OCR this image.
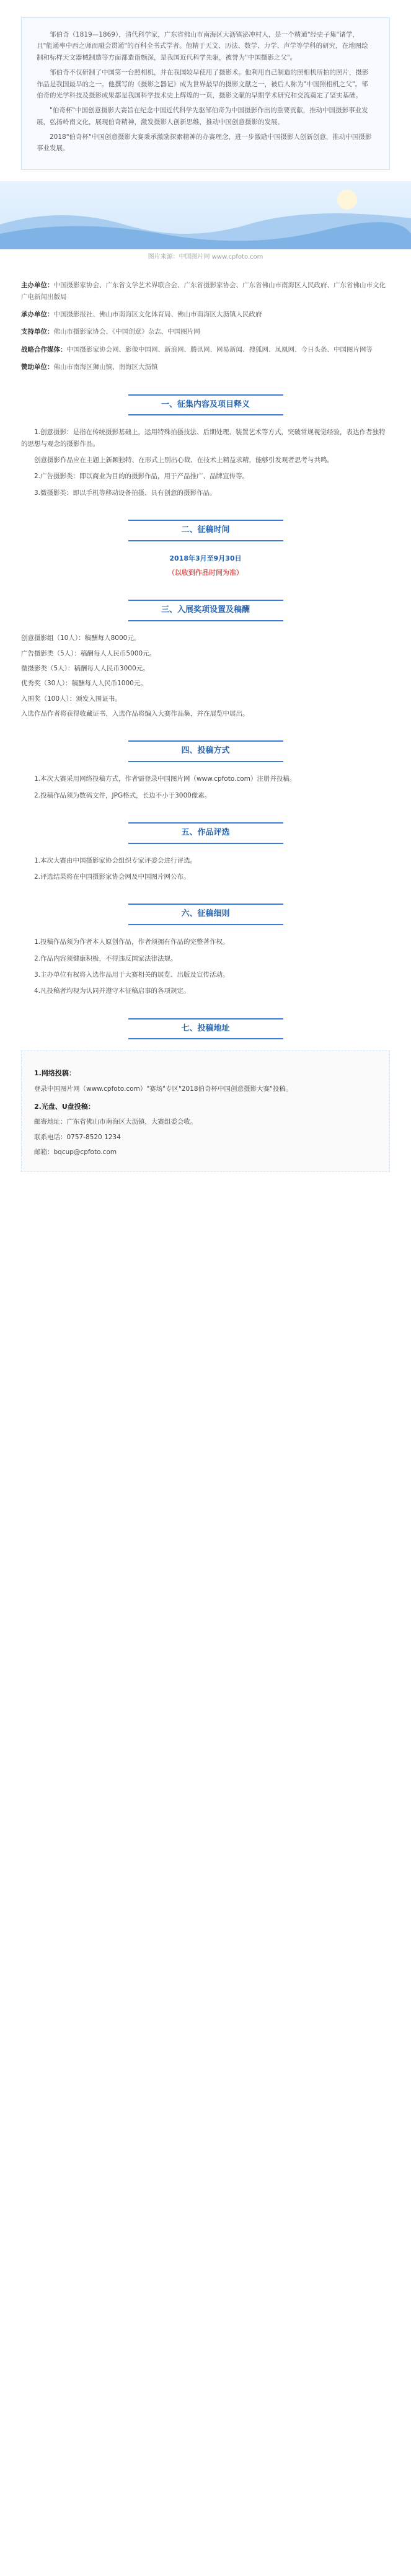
邹伯奇（1819—1869），清代科学家，广东省佛山市南海区大沥镇泌冲村人，是一个精通"经史子集"诸学，且"能通率中西之师而融会贯通"的百科全书式学者。他精于天文、历法、数学、力学、声学等学科的研究，在地图绘制和标样天文器械制造等方面都造诣颇深，是我国近代科学先驱，被誉为"中国摄影之父"。

邹伯奇不仅研制了中国第一台照相机，并在我国较早使用了摄影术。他利用自己制造的照相机所拍的照片，摄影作品是我国最早的之一。他撰写的《摄影之器记》成为世界最早的摄影文献之一，被后人称为"中国照相机之父"。邹伯奇的光学科技及摄影成果都是我国科学技术史上辉煌的一页，摄影文献的早期学术研究和交流奠定了坚实基础。

"伯奇杯"中国创意摄影大赛旨在纪念中国近代科学先驱邹伯奇为中国摄影作出的重要贡献，推动中国摄影事业发展，弘扬岭南文化，展现伯奇精神，激发摄影人创新思维，推动中国创意摄影的发展。

2018"伯奇杯"中国创意摄影大赛秉承激励探索精神的办赛理念，进一步激励中国摄影人创新创意，推动中国摄影事业发展。

图片来源：中国图片网 www.cpfoto.com

主办单位：中国摄影家协会、广东省文学艺术界联合会、广东省摄影家协会、广东省佛山市南海区人民政府、广东省佛山市文化广电新闻出版局

承办单位：中国摄影报社、佛山市南海区文化体育局、佛山市南海区大沥镇人民政府

支持单位：佛山市摄影家协会、《中国创意》杂志、中国图片网

战略合作媒体：中国摄影家协会网、影像中国网、新浪网、腾讯网、网易新闻、搜狐网、凤凰网、今日头条、中国图片网等

赞助单位：佛山市南海区狮山镇、南海区大沥镇

一、征集内容及项目释义

1.创意摄影：是指在传统摄影基础上，运用特殊拍摄技法、后期处理、装置艺术等方式，突破常规视觉经验，表达作者独特的思想与观念的摄影作品。

创意摄影作品应在主题上新颖独特、在形式上别出心裁、在技术上精益求精，能够引发观者思考与共鸣。

2.广告摄影类：即以商业为目的的摄影作品，用于产品推广、品牌宣传等。

3.微摄影类：即以手机等移动设备拍摄、具有创意的摄影作品。

二、征稿时间
2018年3月至9月30日
（以收到作品时间为准）
三、入展奖项设置及稿酬

创意摄影组（10人）：稿酬每人8000元。

广告摄影类（5人）：稿酬每人人民币5000元。

微摄影类（5人）：稿酬每人人民币3000元。

优秀奖（30人）：稿酬每人人民币1000元。

入围奖（100人）：颁发入围证书。

入选作品作者将获得收藏证书，入选作品将编入大赛作品集，并在展览中展出。

四、投稿方式

1.本次大赛采用网络投稿方式，作者需登录中国图片网（www.cpfoto.com）注册并投稿。

2.投稿作品须为数码文件，JPG格式，长边不小于3000像素。

五、作品评选

1.本次大赛由中国摄影家协会组织专家评委会进行评选。

2.评选结果将在中国摄影家协会网及中国图片网公布。

六、征稿细则

1.投稿作品须为作者本人原创作品，作者须拥有作品的完整著作权。

2.作品内容须健康积极，不得违反国家法律法规。

3.主办单位有权将入选作品用于大赛相关的展览、出版及宣传活动。

4.凡投稿者均视为认同并遵守本征稿启事的各项规定。

七、投稿地址
1.网络投稿：

登录中国图片网（www.cpfoto.com）"赛场"专区"2018伯奇杯中国创意摄影大赛"投稿。

2.光盘、U盘投稿：

邮寄地址：广东省佛山市南海区大沥镇，大赛组委会收。

联系电话：0757-8520 1234

邮箱：bqcup@cpfoto.com
